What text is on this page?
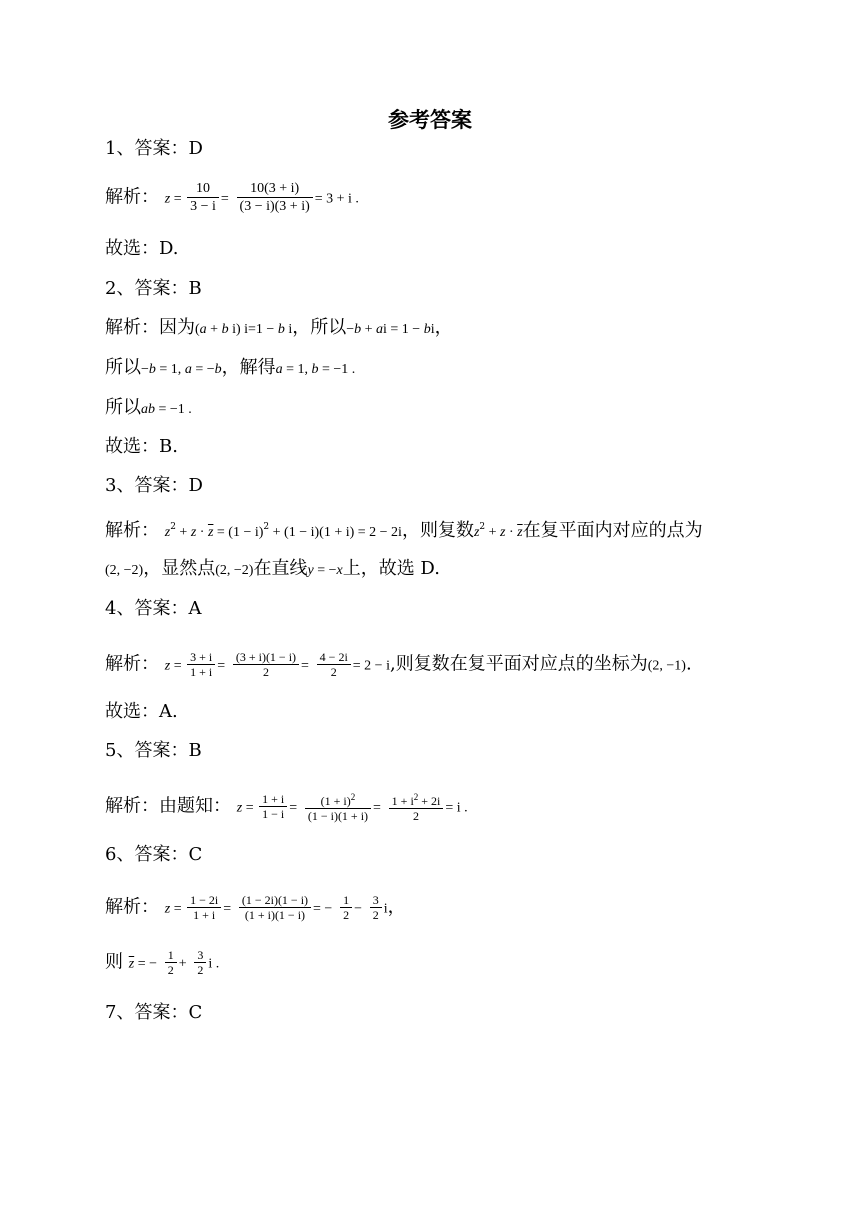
参考答案
1、答案：D
解析： $z = \frac{10}{3 - i} = \frac{10(3 + i)}{(3 - i)(3 + i)} = 3 + i$ .
故选：D.
2、答案：B
解析：因为(a + b i) i=1 − b i，所以−b + ai = 1 − bi，
所以−b = 1, a = −b，解得a = 1, b = −1 .
所以ab = −1 .
故选：B.
3、答案：D
解析： $z^2 + z \cdot \overline{z} = (1 - i)^2 + (1 - i)(1 + i) = 2 - 2i$，则复数$z^2 + z \cdot \overline{z}$在复平面内对应的点为
(2, −2)，显然点(2, −2)在直线y = −x上，故选 D.
4、答案：A
解析： $z = \frac{3 + i}{1 + i} = \frac{(3 + i)(1 - i)}{2} = \frac{4 - 2i}{2} = 2 - i$,则复数在复平面对应点的坐标为(2, −1).
故选：A.
5、答案：B
解析：由题知： $z = \frac{1 + i}{1 - i} = \frac{(1 + i)^2}{(1 - i)(1 + i)} = \frac{1 + i^2 + 2i}{2} = i$ .
6、答案：C
解析： $z = \frac{1 - 2i}{1 + i} = \frac{(1 - 2i)(1 - i)}{(1 + i)(1 - i)}$ = − $\frac{1}{2} - \frac{3}{2}$ i，
则 $\overline{z}$ = − $\frac{1}{2} + \frac{3}{2}$ i .
7、答案：C
